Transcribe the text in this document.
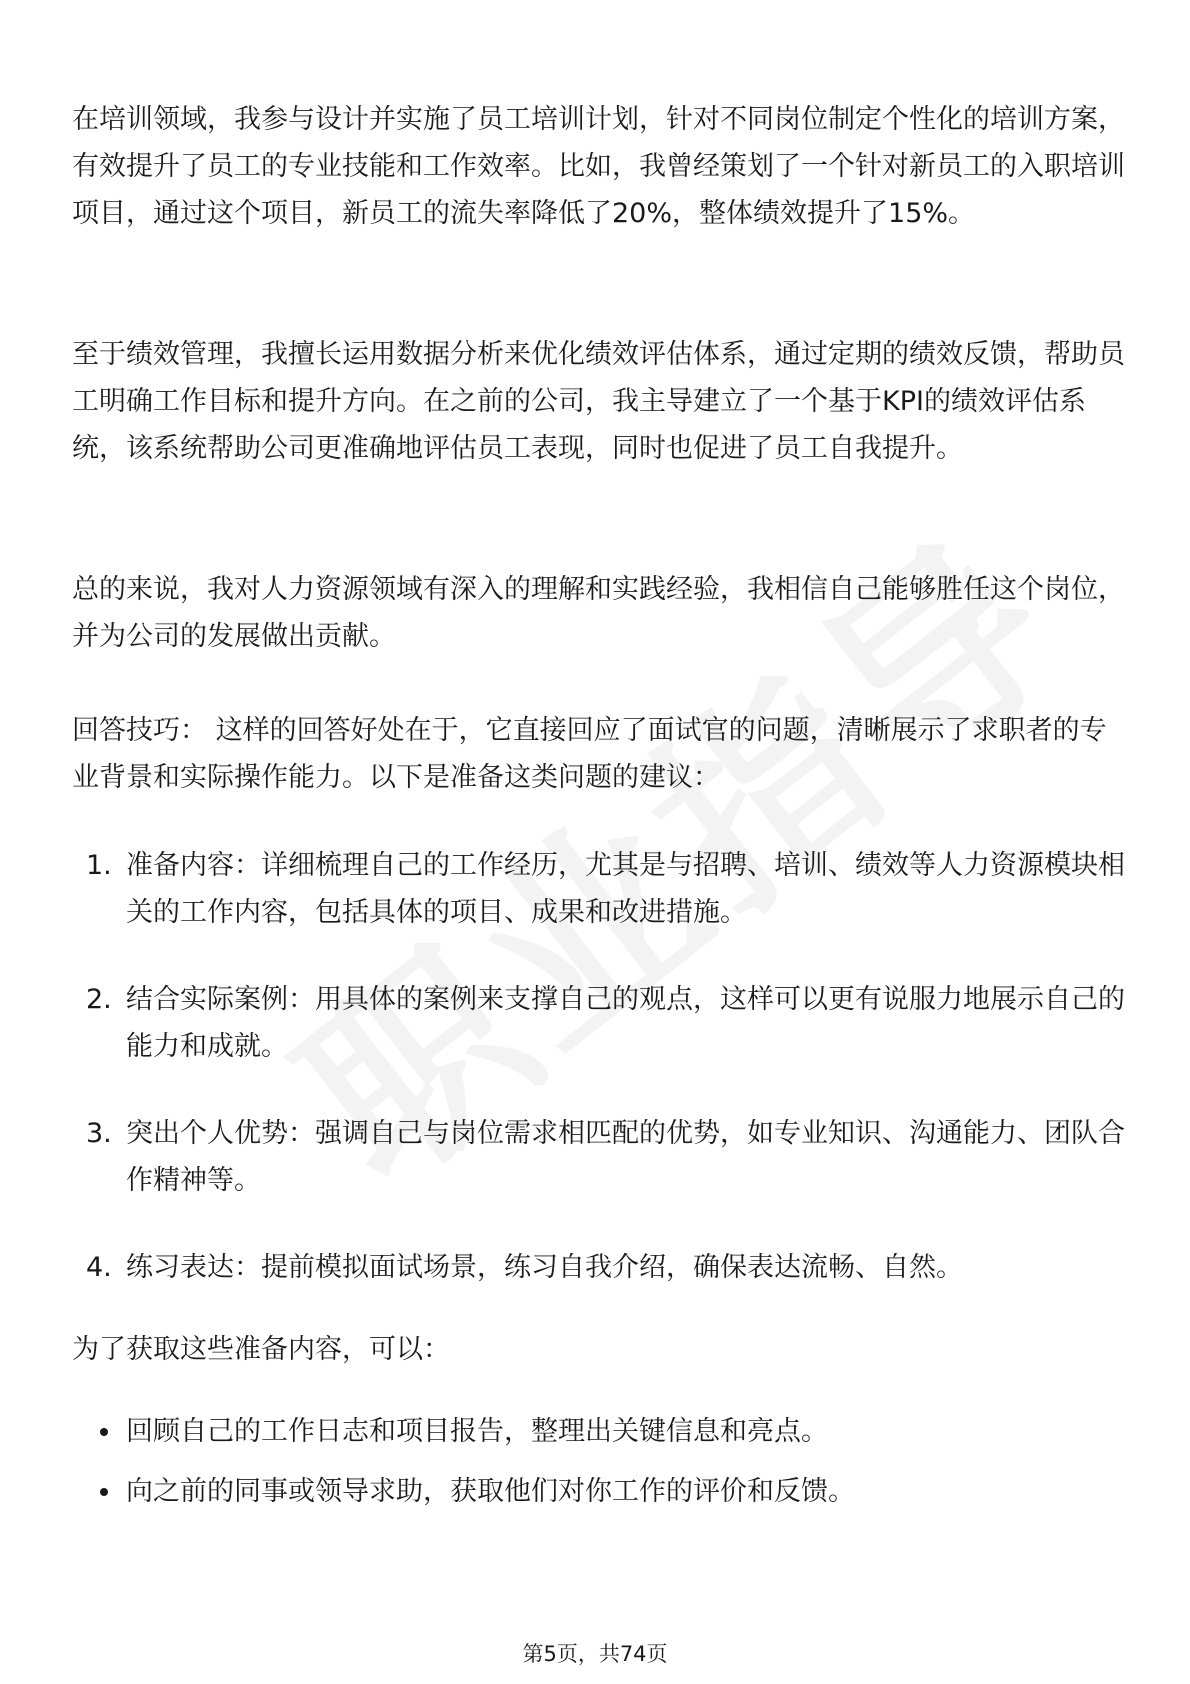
在培训领域，我参与设计并实施了员工培训计划，针对不同岗位制定个性化的培训方案，有效提升了员工的专业技能和工作效率。比如，我曾经策划了一个针对新员工的入职培训项目，通过这个项目，新员工的流失率降低了20%，整体绩效提升了15%。

至于绩效管理，我擅长运用数据分析来优化绩效评估体系，通过定期的绩效反馈，帮助员工明确工作目标和提升方向。在之前的公司，我主导建立了一个基于KPI的绩效评估系统，该系统帮助公司更准确地评估员工表现，同时也促进了员工自我提升。

总的来说，我对人力资源领域有深入的理解和实践经验，我相信自己能够胜任这个岗位，并为公司的发展做出贡献。

回答技巧： 这样的回答好处在于，它直接回应了面试官的问题，清晰展示了求职者的专业背景和实际操作能力。以下是准备这类问题的建议：

1. 准备内容：详细梳理自己的工作经历，尤其是与招聘、培训、绩效等人力资源模块相关的工作内容，包括具体的项目、成果和改进措施。
2. 结合实际案例：用具体的案例来支撑自己的观点，这样可以更有说服力地展示自己的能力和成就。
3. 突出个人优势：强调自己与岗位需求相匹配的优势，如专业知识、沟通能力、团队合作精神等。
4. 练习表达：提前模拟面试场景，练习自我介绍，确保表达流畅、自然。

为了获取这些准备内容，可以：

回顾自己的工作日志和项目报告，整理出关键信息和亮点。
向之前的同事或领导求助，获取他们对你工作的评价和反馈。
第5页，共74页
